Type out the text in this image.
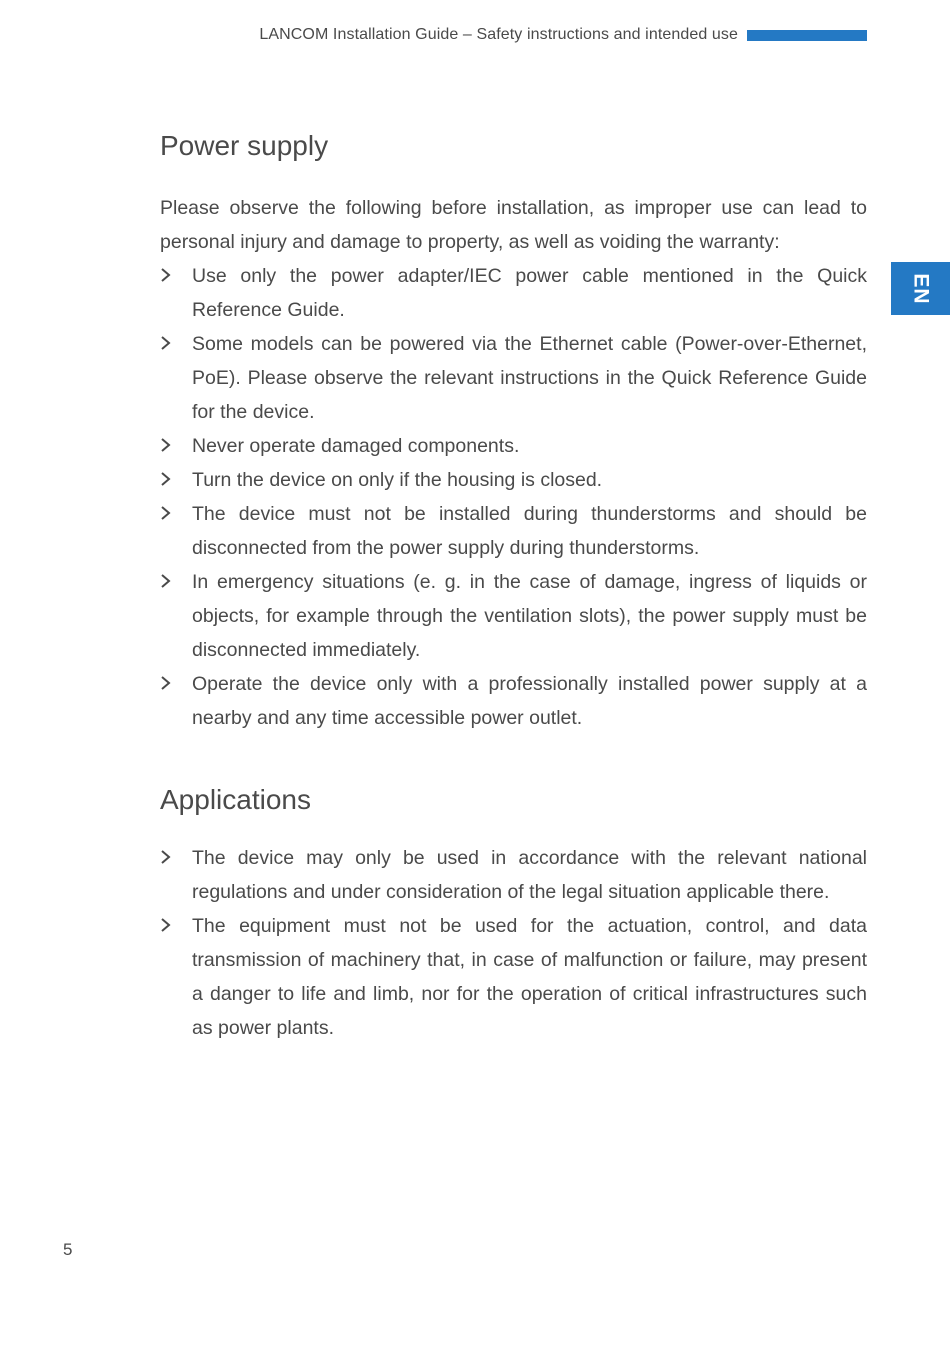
LANCOM Installation Guide – Safety instructions and intended use
EN
Power supply

Please observe the following before installation, as improper use can lead to personal injury and damage to property, as well as voiding the warranty:

Use only the power adapter/IEC power cable mentioned in the Quick Reference Guide.
Some models can be powered via the Ethernet cable (Power-over-Ethernet, PoE). Please observe the relevant instructions in the Quick Reference Guide for the device.
Never operate damaged components.
Turn the device on only if the housing is closed.
The device must not be installed during thunderstorms and should be disconnected from the power supply during thunderstorms.
In emergency situations (e. g. in the case of damage, ingress of liquids or objects, for example through the ventilation slots), the power supply must be disconnected immediately.
Operate the device only with a professionally installed power supply at a nearby and any time accessible power outlet.
Applications
The device may only be used in accordance with the relevant national regulations and under consideration of the legal situation applicable there.
The equipment must not be used for the actuation, control, and data transmission of machinery that, in case of malfunction or failure, may present a danger to life and limb, nor for the operation of critical infrastructures such as power plants.
5
